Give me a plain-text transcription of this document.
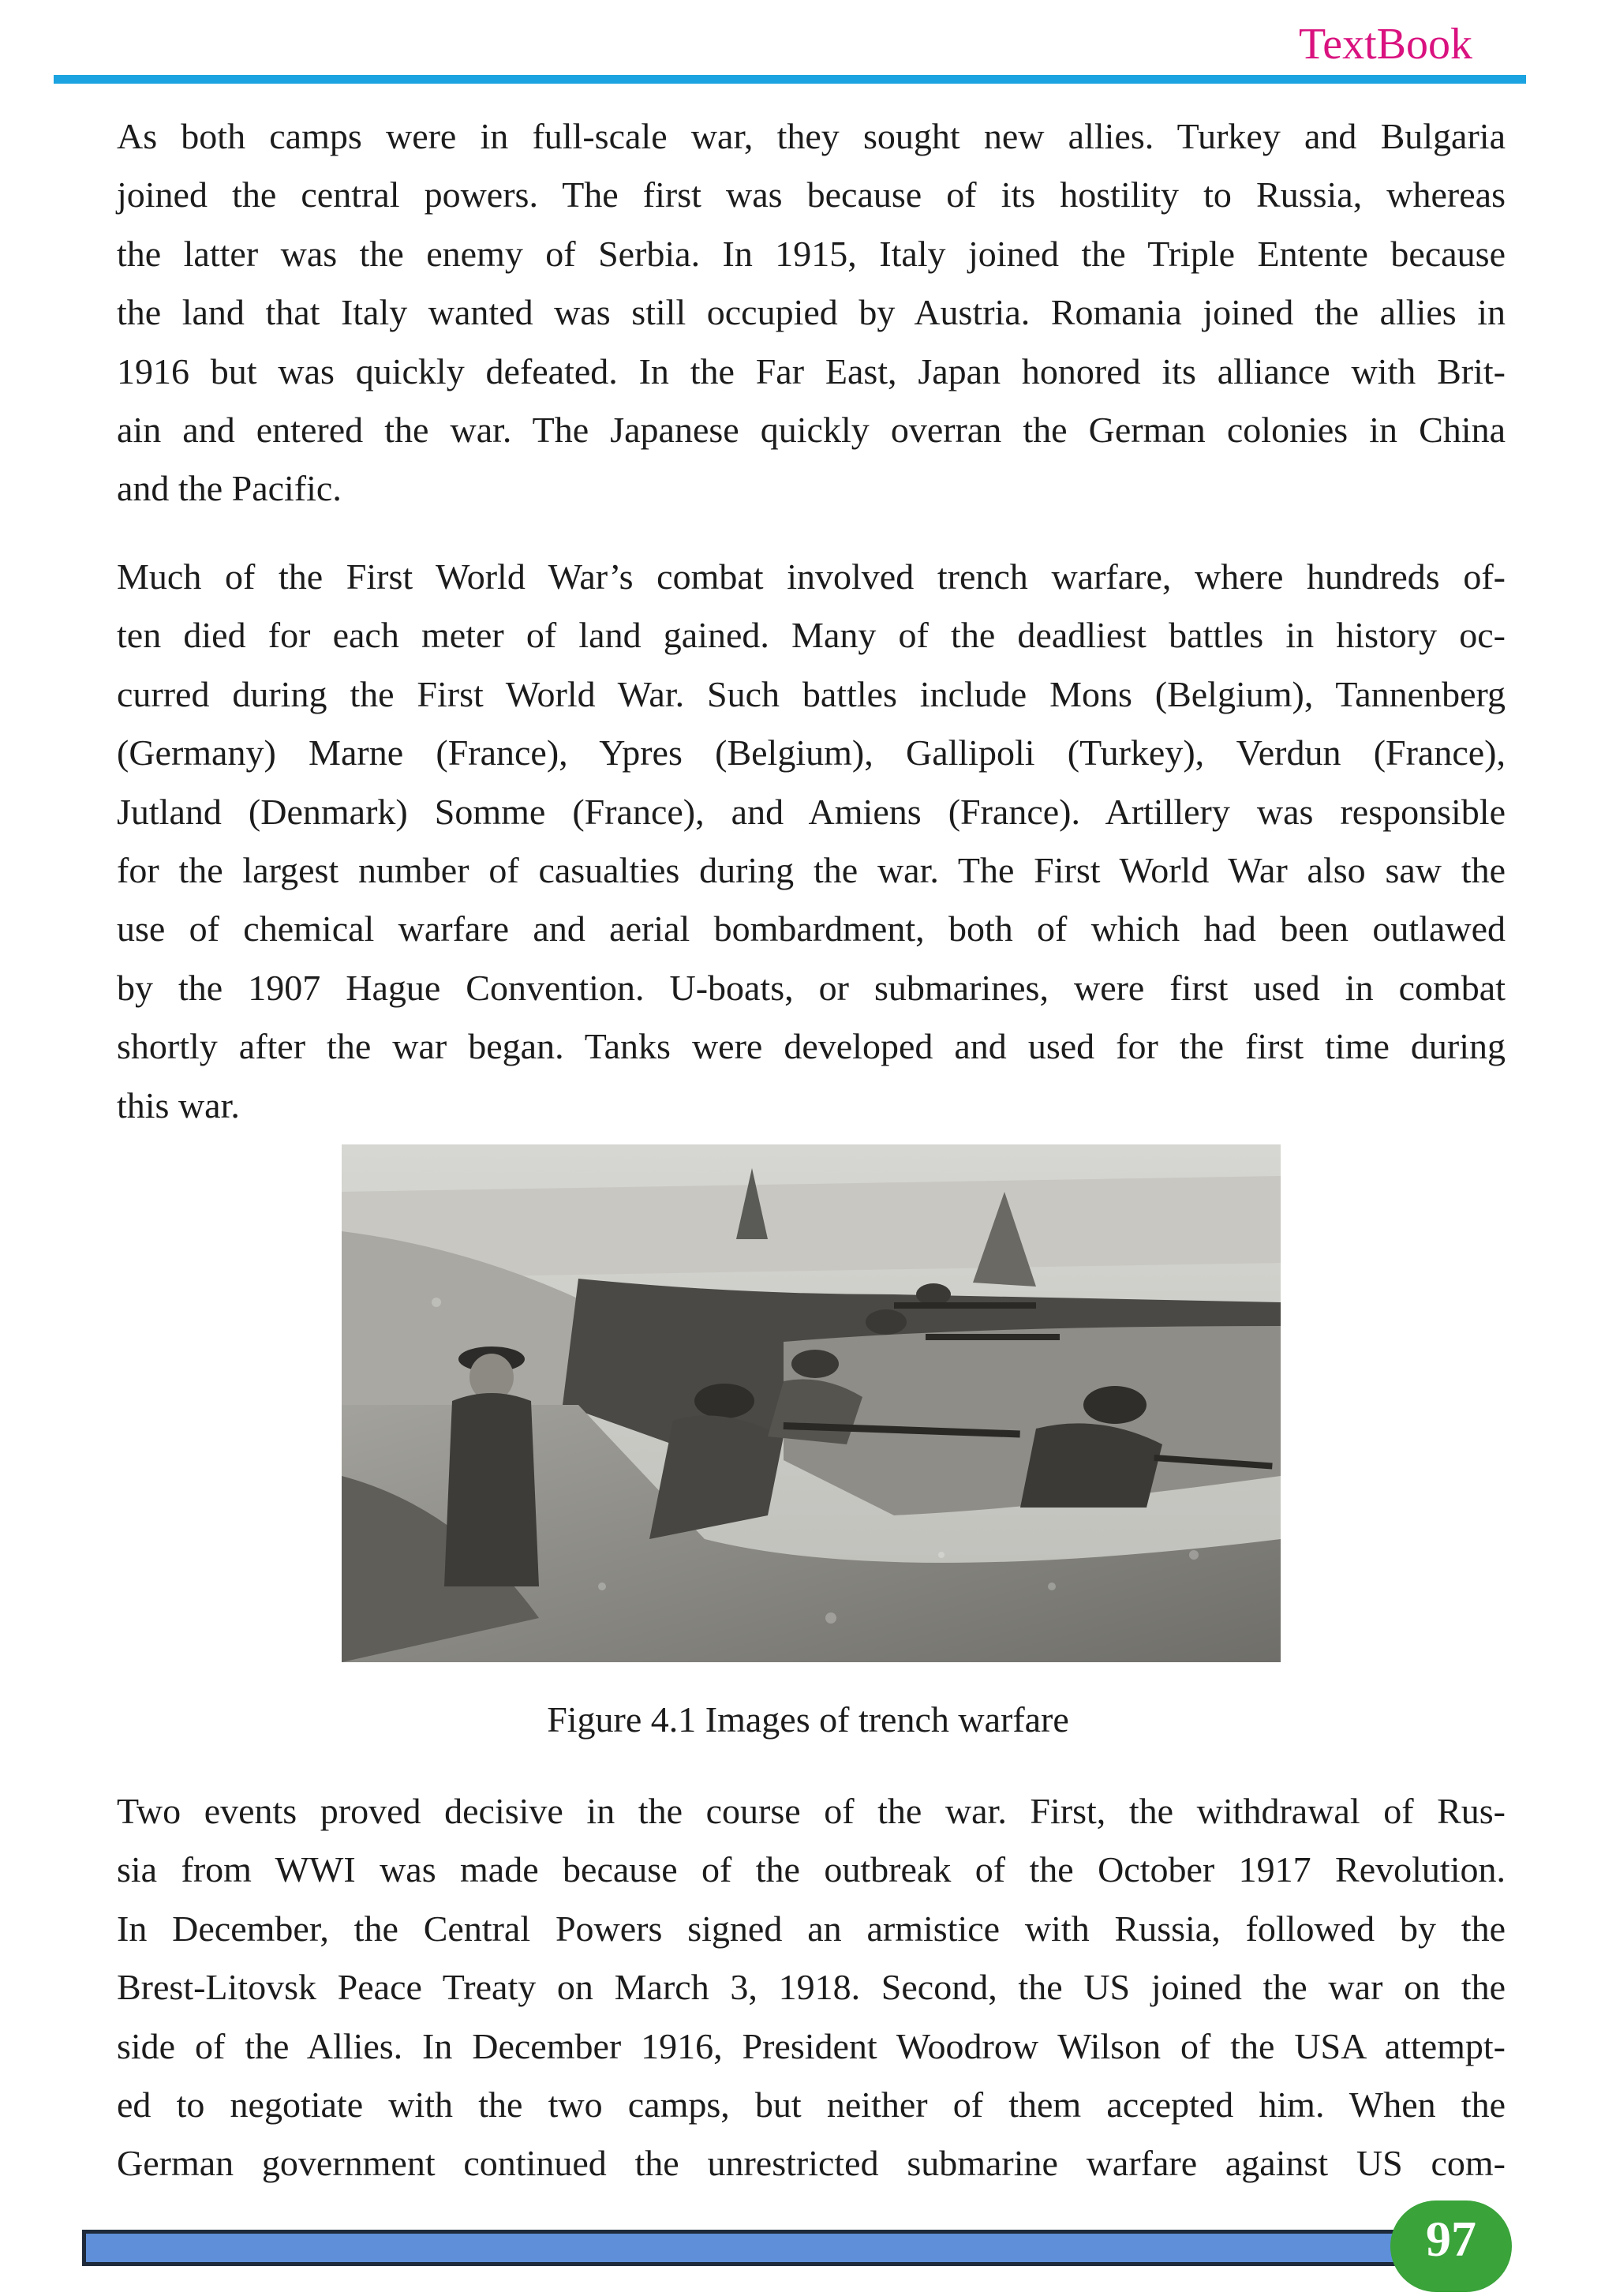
TextBook
As both camps were in full-scale war, they sought new allies. Turkey and Bulgaria
joined the central powers. The first was because of its hostility to Russia, whereas
the latter was the enemy of Serbia. In 1915, Italy joined the Triple Entente because
the land that Italy wanted was still occupied by Austria. Romania joined the allies in
1916 but was quickly defeated. In the Far East, Japan honored its alliance with Brit-
ain and entered the war. The Japanese quickly overran the German colonies in China
and the Pacific.
Much of the First World War’s combat involved trench warfare, where hundreds of-
ten died for each meter of land gained. Many of the deadliest battles in history oc-
curred during the First World War. Such battles include Mons (Belgium), Tannenberg
(Germany) Marne (France), Ypres (Belgium), Gallipoli (Turkey), Verdun (France),
Jutland (Denmark) Somme (France), and Amiens (France). Artillery was responsible
for the largest number of casualties during the war. The First World War also saw the
use of chemical warfare and aerial bombardment, both of which had been outlawed
by the 1907 Hague Convention. U-boats, or submarines, were first used in combat
shortly after the war began. Tanks were developed and used for the first time during
this war.
Figure 4.1 Images of trench warfare
Two events proved decisive in the course of the war. First, the withdrawal of Rus-
sia from WWI was made because of the outbreak of the October 1917 Revolution.
In December, the Central Powers signed an armistice with Russia, followed by the
Brest-Litovsk Peace Treaty on March 3, 1918. Second, the US joined the war on the
side of the Allies. In December 1916, President Woodrow Wilson of the USA attempt-
ed to negotiate with the two camps, but neither of them accepted him. When the
German government continued the unrestricted submarine warfare against US com-
97
